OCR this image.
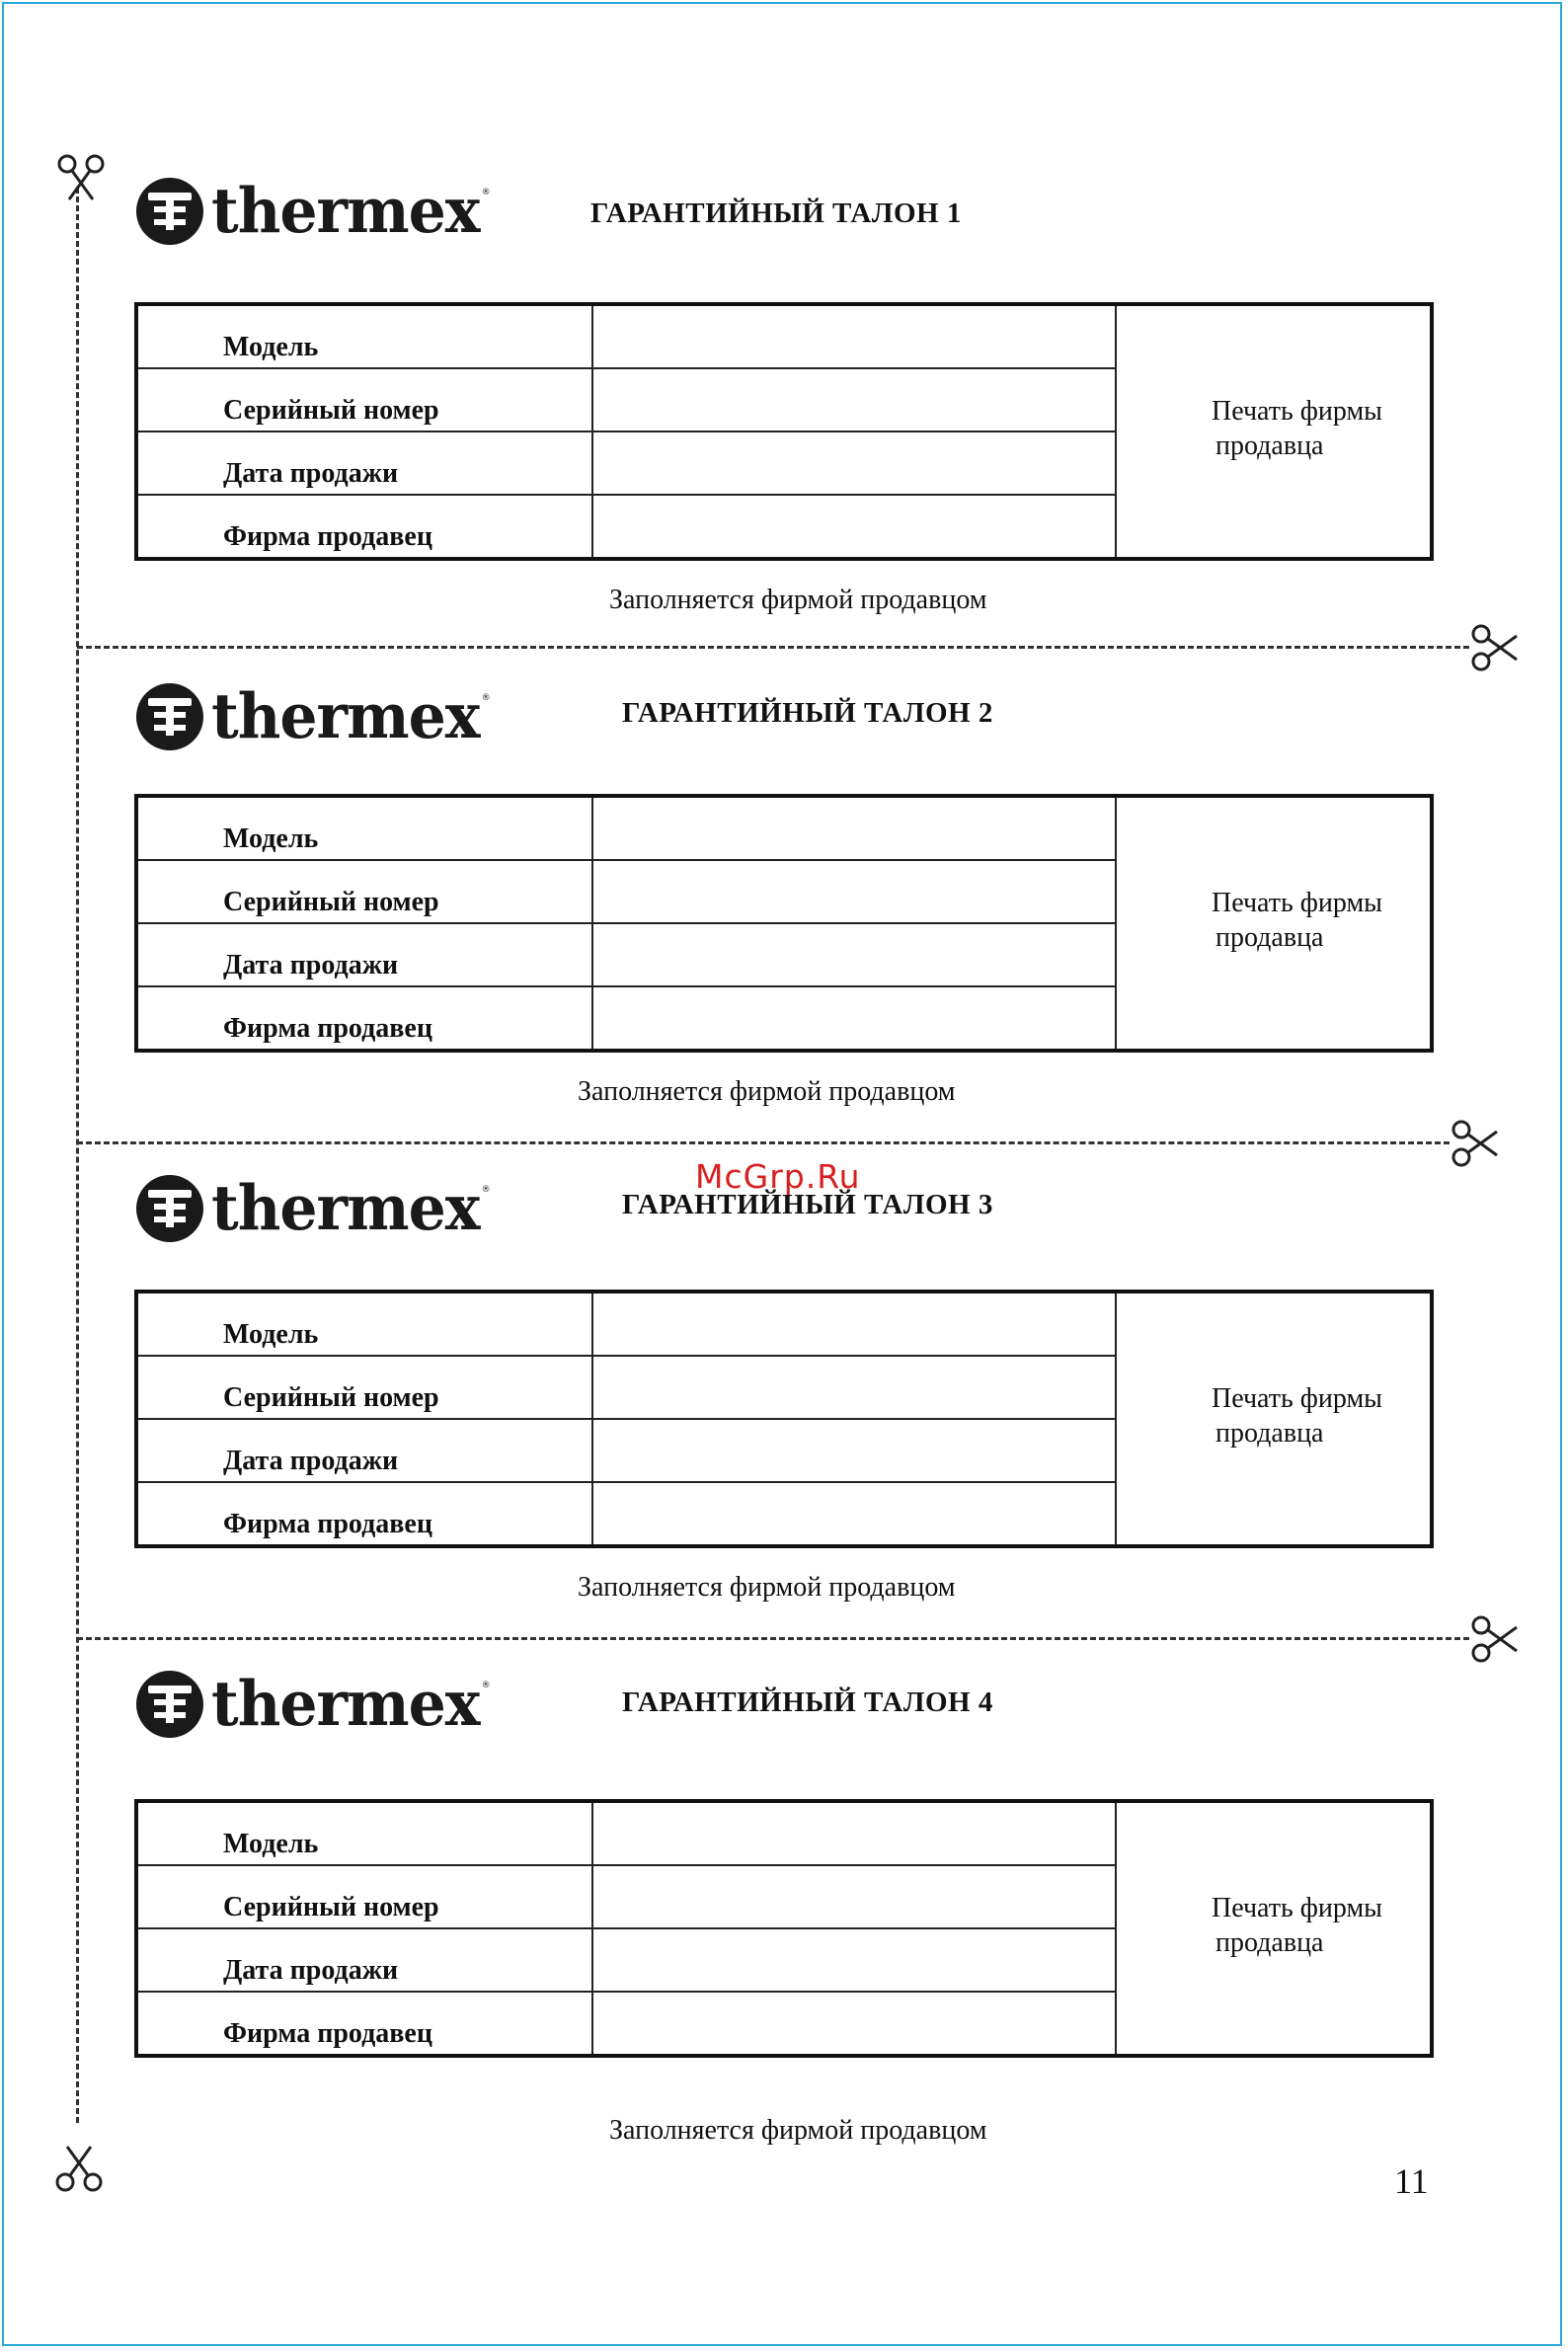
thermex ®
ГАРАНТИЙНЫЙ ТАЛОН 1
Модель		Печать фирмы
продавца

Серийный номер		
Дата продажи		
Фирма продавец		
Заполняется фирмой продавцом
thermex ®	ГАРАНТИЙНЫЙ ТАЛОН 2
Модель		Печать фирмы
продавца

Серийный номер		
Дата продажи		
Фирма продавец		
Заполняется фирмой продавцом
thermex ®	ГАРАНТИЙНЫЙ ТАЛОН 3
Модель		Печать фирмы
продавца

Серийный номер		
Дата продажи		
Фирма продавец		
Заполняется фирмой продавцом
thermex ®
ГАРАНТИЙНЫЙ ТАЛОН 4
Модель		Печать фирмы
продавца

Серийный номер		
Дата продажи		
Фирма продавец		
Заполняется фирмой продавцом
McGrp.Ru
11
